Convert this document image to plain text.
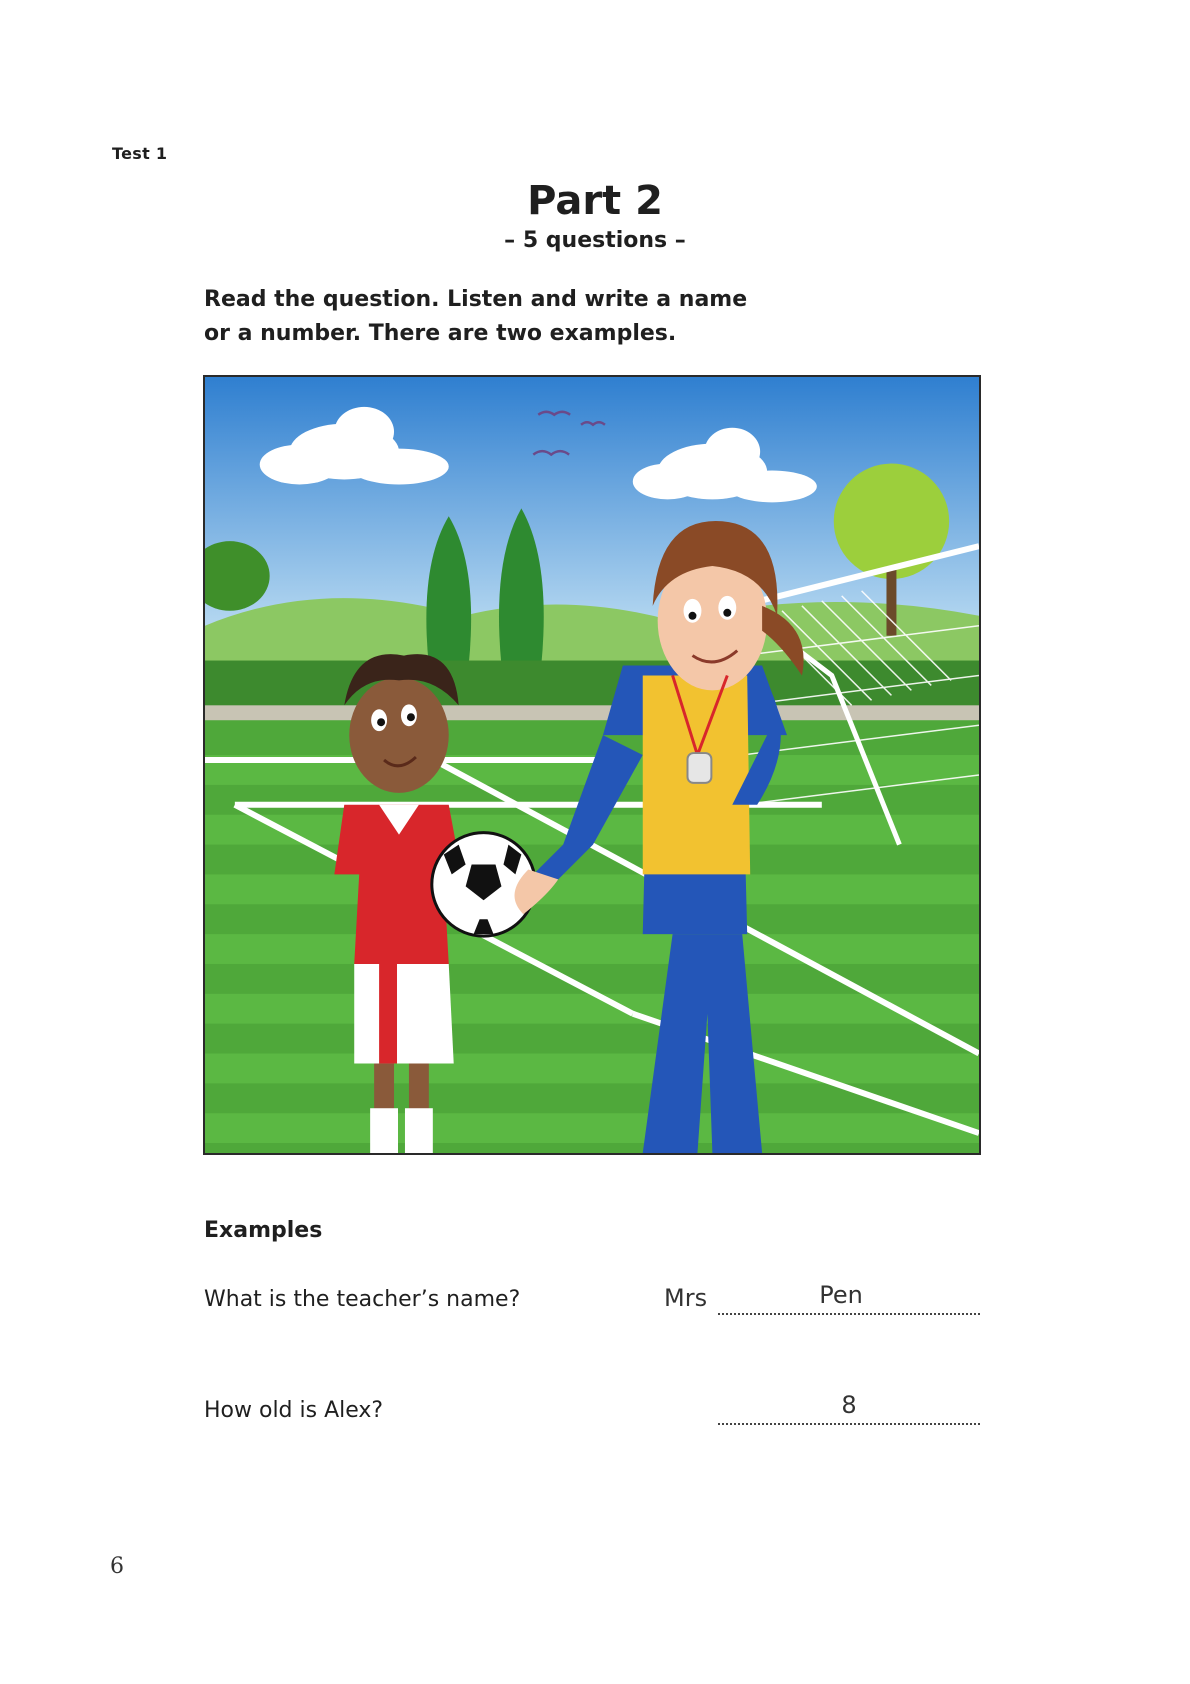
Test 1
Part 2
– 5 questions –
Read the question. Listen and write a name
or a number. There are two examples.
Examples
What is the teacher’s name?	Mrs	Pen
How old is Alex?	8
6
